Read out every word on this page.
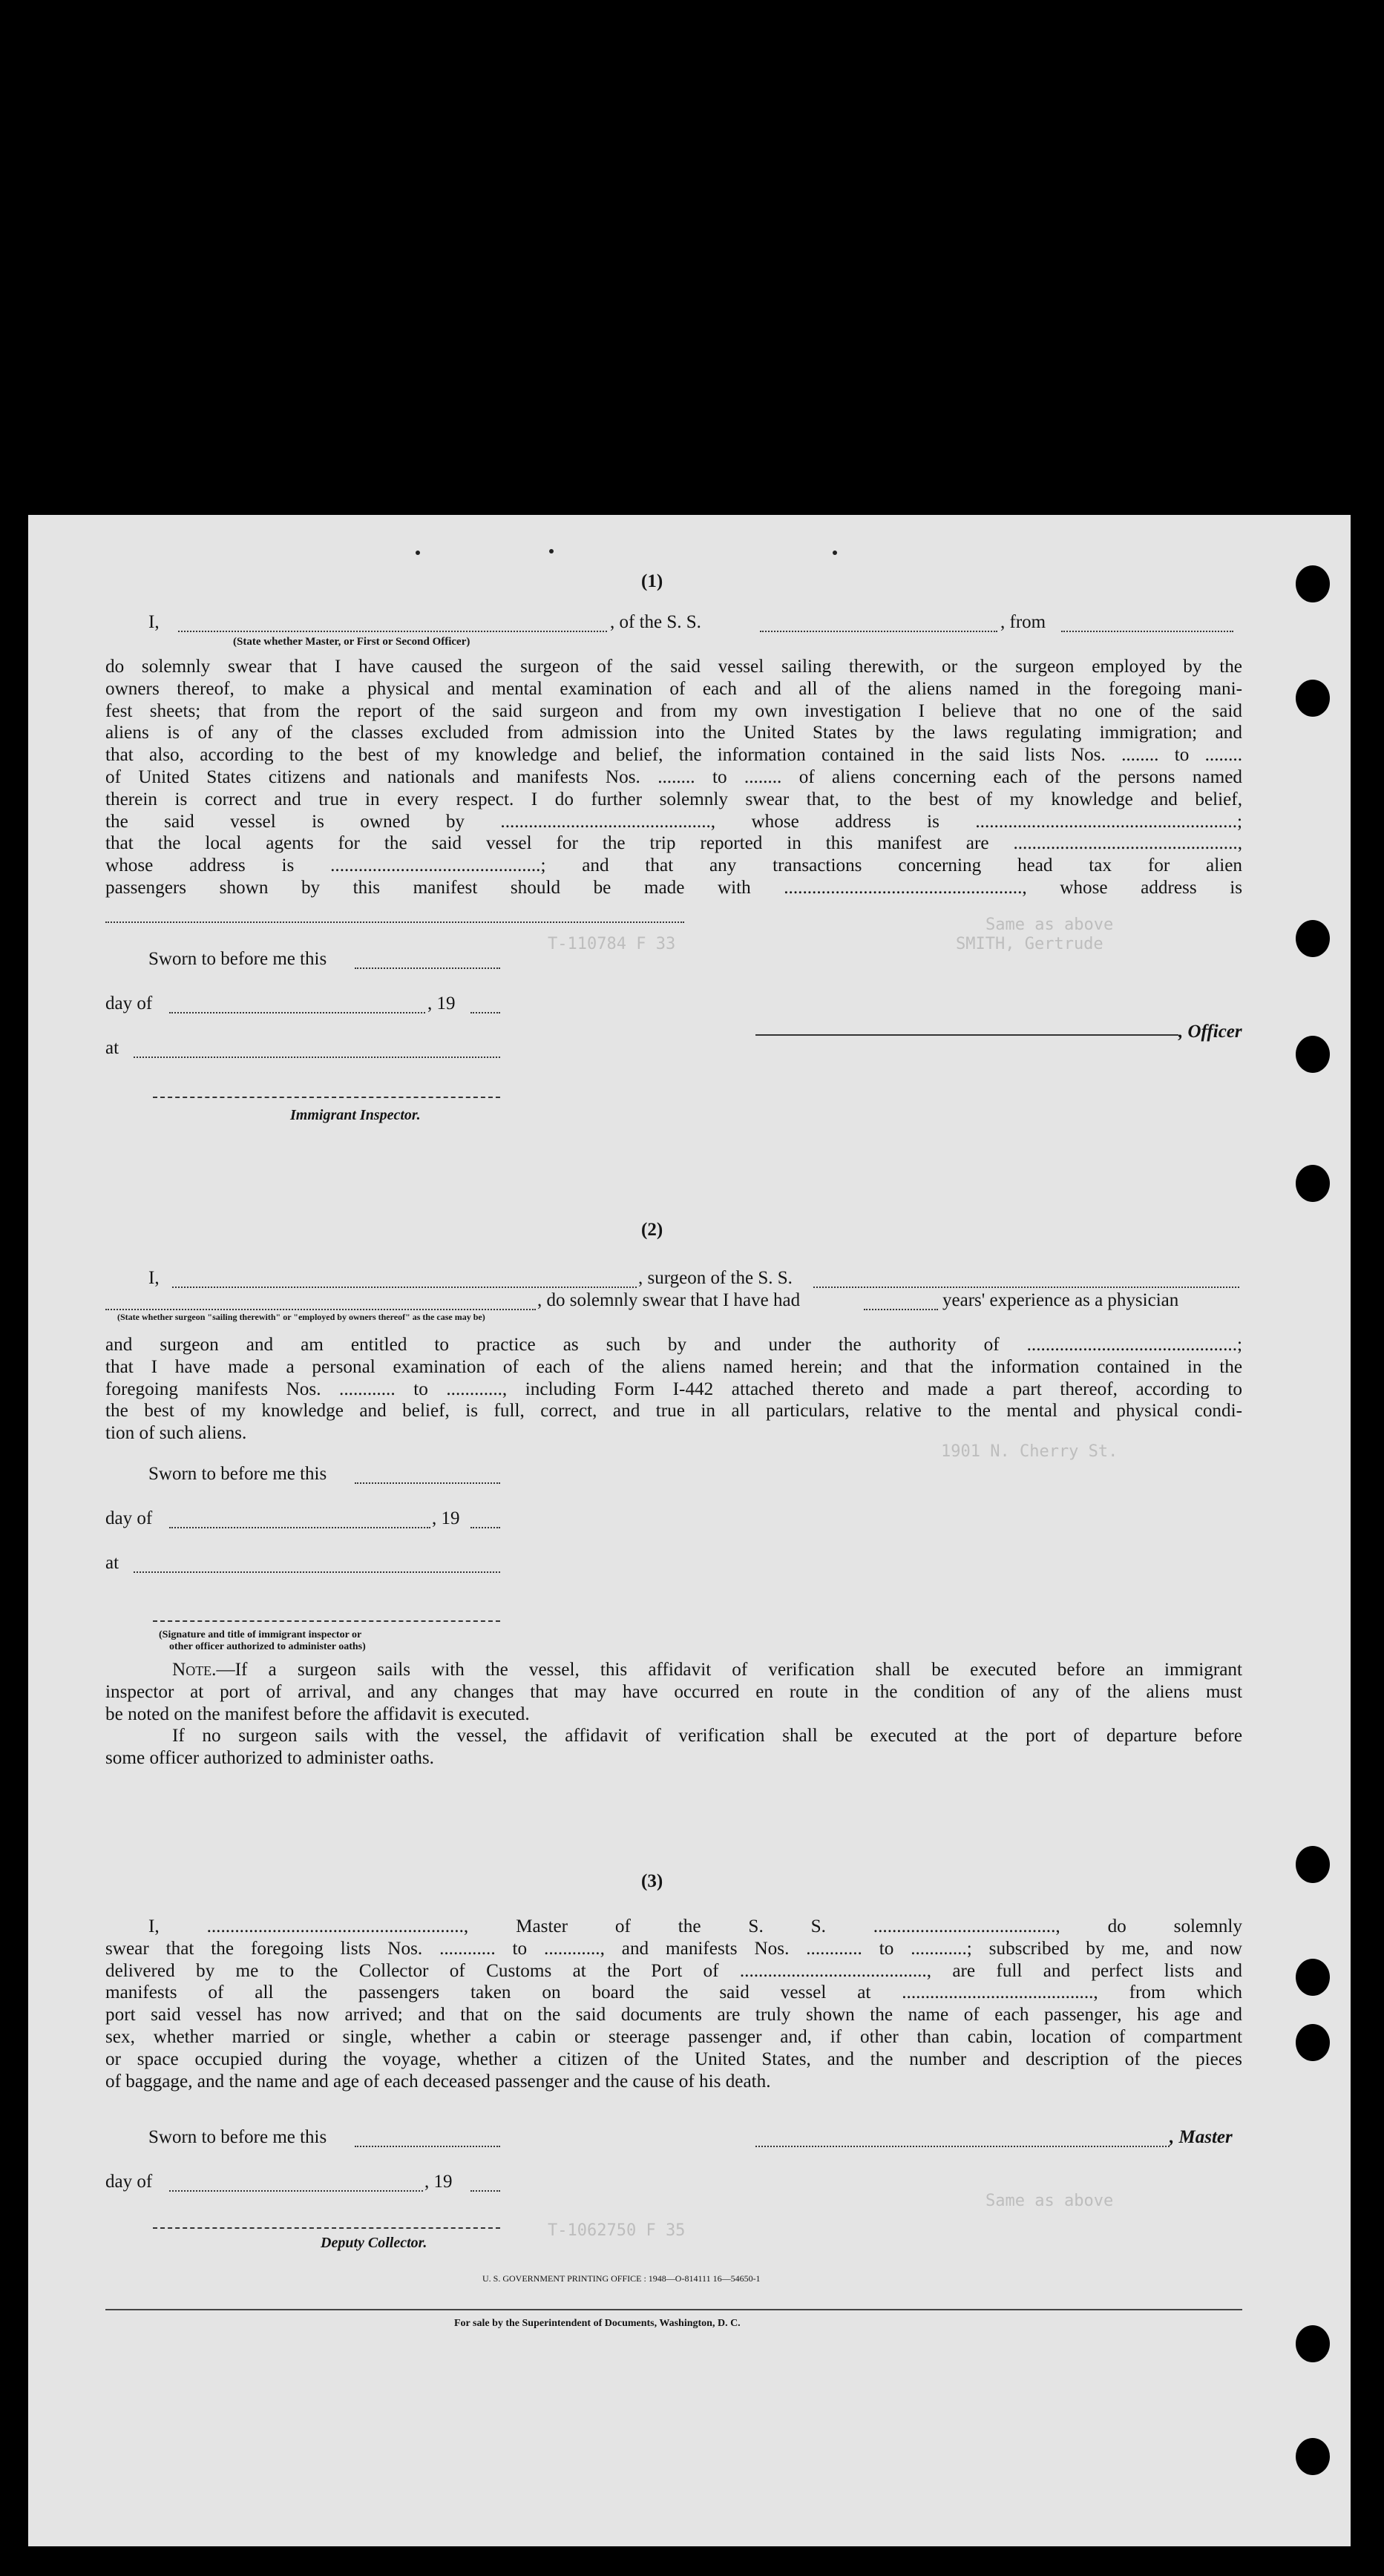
Same as above
SMITH, Gertrude
T-110784 F 33
1901 N. Cherry St.
Same as above
T-1062750 F 35
(1)
I,	, of the S. S.	, from
(State whether Master, or First or Second Officer)
do solemnly swear that I have caused the surgeon of the said vessel sailing therewith, or the surgeon employed by the
owners thereof, to make a physical and mental examination of each and all of the aliens named in the foregoing mani-
fest sheets; that from the report of the said surgeon and from my own investigation I believe that no one of the said
aliens is of any of the classes excluded from admission into the United States by the laws regulating immigration; and
that also, according to the best of my knowledge and belief, the information contained in the said lists Nos. ........ to ........
of United States citizens and nationals and manifests Nos. ........ to ........ of aliens concerning each of the persons named
therein is correct and true in every respect. I do further solemnly swear that, to the best of my knowledge and belief,
the said vessel is owned by ............................................., whose address is ........................................................;
that the local agents for the said vessel for the trip reported in this manifest are ................................................,
whose address is .............................................; and that any transactions concerning head tax for alien
passengers shown by this manifest should be made with ..................................................., whose address is
Sworn to before me this
day of	, 19
, Officer
at
Immigrant Inspector.
(2)
I,	, surgeon of the S. S.
, do solemnly swear that I have had	years' experience as a physician
(State whether surgeon "sailing therewith" or "employed by owners thereof" as the case may be)
and surgeon and am entitled to practice as such by and under the authority of .............................................;
that I have made a personal examination of each of the aliens named herein; and that the information contained in the
foregoing manifests Nos. ............ to ............, including Form I-442 attached thereto and made a part thereof, according to
the best of my knowledge and belief, is full, correct, and true in all particulars, relative to the mental and physical condi-
tion of such aliens.
Sworn to before me this
day of	, 19
at
(Signature and title of immigrant inspector or
other officer authorized to administer oaths)
Note.—If a surgeon sails with the vessel, this affidavit of verification shall be executed before an immigrant
inspector at port of arrival, and any changes that may have occurred en route in the condition of any of the aliens must
be noted on the manifest before the affidavit is executed.
If no surgeon sails with the vessel, the affidavit of verification shall be executed at the port of departure before
some officer authorized to administer oaths.
(3)
I, ......................................................., Master of the S. S. ......................................., do solemnly
swear that the foregoing lists Nos. ............ to ............, and manifests Nos. ............ to ............; subscribed by me, and now
delivered by me to the Collector of Customs at the Port of ........................................, are full and perfect lists and
manifests of all the passengers taken on board the said vessel at ........................................., from which
port said vessel has now arrived; and that on the said documents are truly shown the name of each passenger, his age and
sex, whether married or single, whether a cabin or steerage passenger and, if other than cabin, location of compartment
or space occupied during the voyage, whether a citizen of the United States, and the number and description of the pieces
of baggage, and the name and age of each deceased passenger and the cause of his death.
Sworn to before me this	, Master
day of	, 19
Deputy Collector.
U. S. GOVERNMENT PRINTING OFFICE : 1948—O-814111 16—54650-1
For sale by the Superintendent of Documents, Washington, D. C.
